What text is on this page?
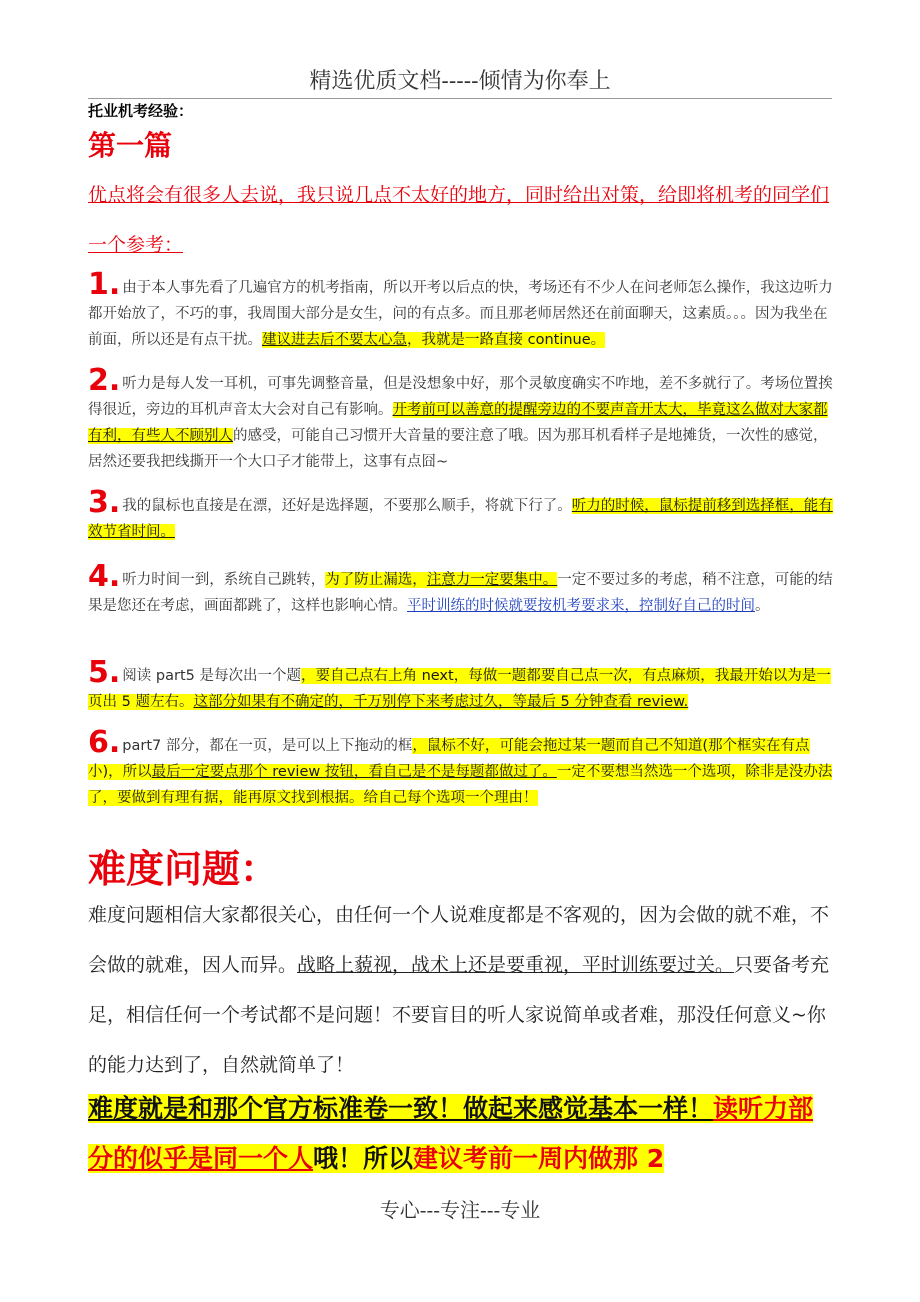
精选优质文档-----倾情为你奉上
托业机考经验：
第一篇
优点将会有很多人去说，我只说几点不太好的地方，同时给出对策，给即将机考的同学们一个参考：
1. 由于本人事先看了几遍官方的机考指南，所以开考以后点的快，考场还有不少人在问老师怎么操作，我这边听力都开始放了，不巧的事，我周围大部分是女生，问的有点多。而且那老师居然还在前面聊天，这素质。。。因为我坐在前面，所以还是有点干扰。建议进去后不要太心急，我就是一路直接 continue。
2. 听力是每人发一耳机，可事先调整音量，但是没想象中好，那个灵敏度确实不咋地，差不多就行了。考场位置挨得很近，旁边的耳机声音太大会对自己有影响。开考前可以善意的提醒旁边的不要声音开太大，毕竟这么做对大家都有利，有些人不顾别人的感受，可能自己习惯开大音量的要注意了哦。因为那耳机看样子是地摊货，一次性的感觉，居然还要我把线撕开一个大口子才能带上，这事有点囧~
3. 我的鼠标也直接是在漂，还好是选择题，不要那么顺手，将就下行了。听力的时候，鼠标提前移到选择框，能有效节省时间。
4. 听力时间一到，系统自己跳转，为了防止漏选，注意力一定要集中。一定不要过多的考虑，稍不注意，可能的结果是您还在考虑，画面都跳了，这样也影响心情。平时训练的时候就要按机考要求来，控制好自己的时间。
5. 阅读 part5 是每次出一个题，要自己点右上角 next，每做一题都要自己点一次，有点麻烦，我最开始以为是一页出 5 题左右。这部分如果有不确定的，千万别停下来考虑过久，等最后 5 分钟查看 review.
6. part7 部分，都在一页，是可以上下拖动的框，鼠标不好，可能会拖过某一题而自己不知道(那个框实在有点小)，所以最后一定要点那个 review 按钮，看自己是不是每题都做过了。一定不要想当然选一个选项，除非是没办法了，要做到有理有据，能再原文找到根据。给自己每个选项一个理由！
难度问题：
难度问题相信大家都很关心，由任何一个人说难度都是不客观的，因为会做的就不难，不会做的就难，因人而异。战略上藐视，战术上还是要重视，平时训练要过关。只要备考充足，相信任何一个考试都不是问题！不要盲目的听人家说简单或者难，那没任何意义~你的能力达到了，自然就简单了！
难度就是和那个官方标准卷一致！做起来感觉基本一样！读听力部分的似乎是同一个人哦！所以建议考前一周内做那 2
专心---专注---专业
